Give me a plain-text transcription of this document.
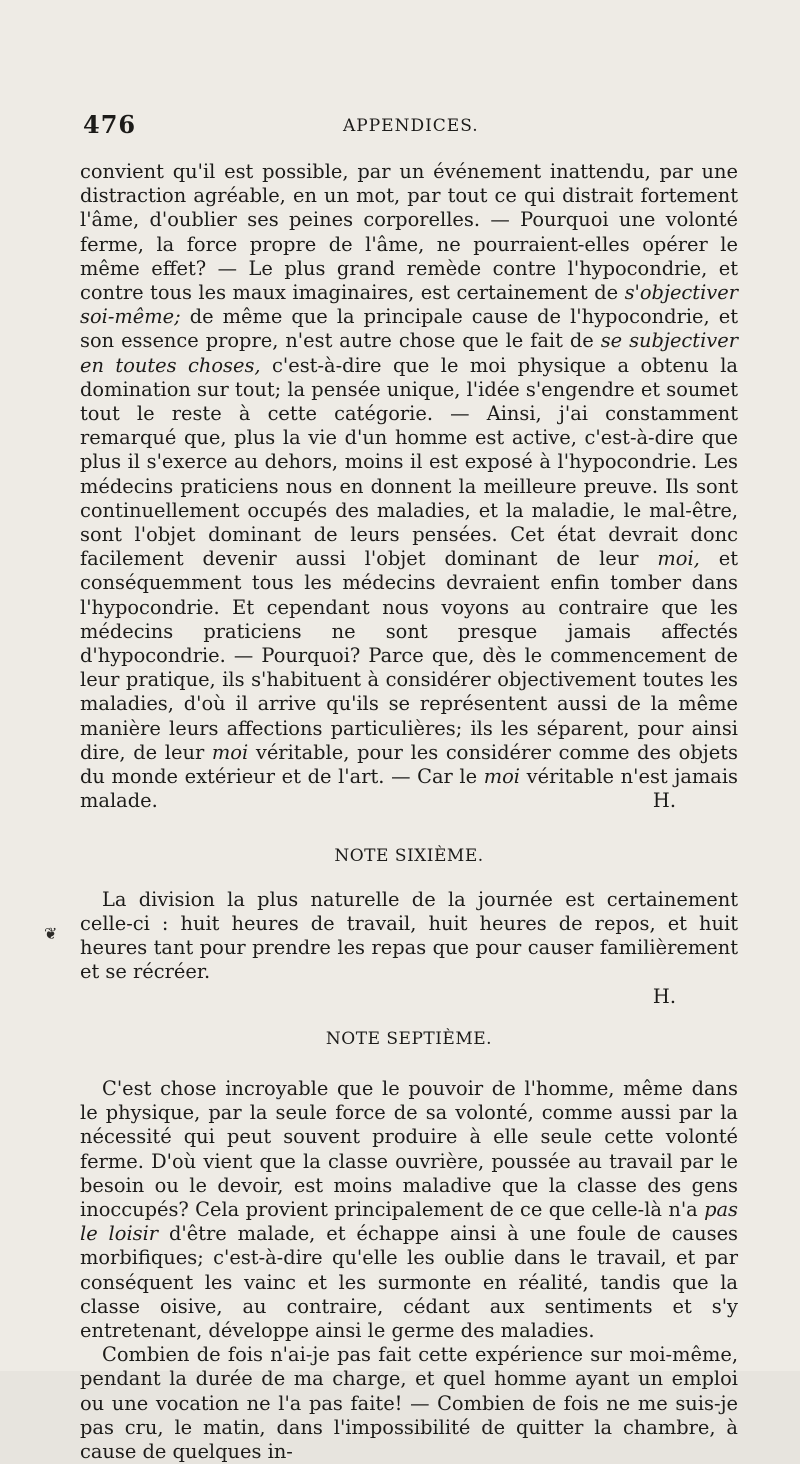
476	APPENDICES.

convient qu'il est possible, par un événement inattendu, par une distraction agréable, en un mot, par tout ce qui distrait fortement l'âme, d'oublier ses peines corporelles. — Pourquoi une volonté ferme, la force propre de l'âme, ne pourraient-elles opérer le même effet? — Le plus grand remède contre l'hypocondrie, et contre tous les maux imaginaires, est certainement de s'objectiver soi-même; de même que la principale cause de l'hypocondrie, et son essence propre, n'est autre chose que le fait de se subjectiver en toutes choses, c'est-à-dire que le moi physique a obtenu la domination sur tout; la pensée unique, l'idée s'engendre et soumet tout le reste à cette catégorie. — Ainsi, j'ai constamment remarqué que, plus la vie d'un homme est active, c'est-à-dire que plus il s'exerce au dehors, moins il est exposé à l'hypocondrie. Les médecins praticiens nous en donnent la meilleure preuve. Ils sont continuellement occupés des maladies, et la maladie, le mal-être, sont l'objet dominant de leurs pensées. Cet état devrait donc facilement devenir aussi l'objet dominant de leur moi, et conséquemment tous les médecins devraient enfin tomber dans l'hypocondrie. Et cependant nous voyons au contraire que les médecins praticiens ne sont presque jamais affectés d'hypocondrie. — Pourquoi? Parce que, dès le commencement de leur pratique, ils s'habituent à considérer objectivement toutes les maladies, d'où il arrive qu'ils se représentent aussi de la même manière leurs affections particulières; ils les séparent, pour ainsi dire, de leur moi véritable, pour les considérer comme des objets du monde extérieur et de l'art. — Car le moi véritable n'est jamais malade.	H.

NOTE SIXIÈME.

La division la plus naturelle de la journée est certainement celle-ci : huit heures de travail, huit heures de repos, et huit heures tant pour prendre les repas que pour causer familièrement et se récréer.

H.

NOTE SEPTIÈME.

C'est chose incroyable que le pouvoir de l'homme, même dans le physique, par la seule force de sa volonté, comme aussi par la nécessité qui peut souvent produire à elle seule cette volonté ferme. D'où vient que la classe ouvrière, poussée au travail par le besoin ou le devoir, est moins maladive que la classe des gens inoccupés? Cela provient principalement de ce que celle-là n'a pas le loisir d'être malade, et échappe ainsi à une foule de causes morbifiques; c'est-à-dire qu'elle les oublie dans le travail, et par conséquent les vainc et les surmonte en réalité, tandis que la classe oisive, au contraire, cédant aux sentiments et s'y entretenant, développe ainsi le germe des maladies.

Combien de fois n'ai-je pas fait cette expérience sur moi-même, pendant la durée de ma charge, et quel homme ayant un emploi ou une vocation ne l'a pas faite! — Combien de fois ne me suis-je pas cru, le matin, dans l'impossibilité de quitter la chambre, à cause de quelques in-

❦
